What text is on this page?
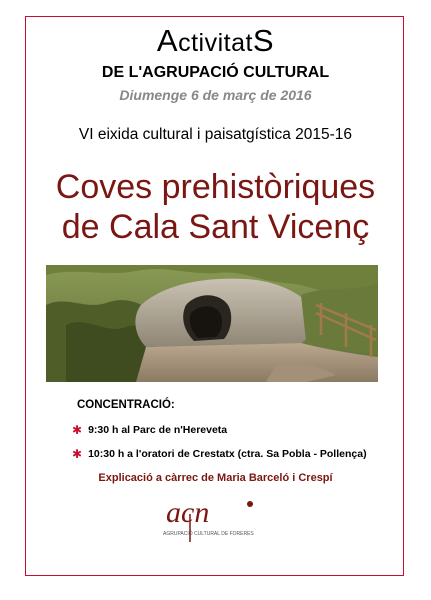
ActivitatS
DE L'AGRUPACIÓ CULTURAL
Diumenge 6 de març de 2016
VI eixida cultural i paisatgística 2015-16
Coves prehistòriques
de Cala Sant Vicenç
CONCENTRACIÓ:
✱ 9:30 h al Parc de n'Hereveta
✱ 10:30 h a l'oratori de Crestatx (ctra. Sa Pobla - Pollença)
Explicació a càrrec de Maria Barceló i Crespí
acn
AGRUPACIÓ CULTURAL DE FORERES
